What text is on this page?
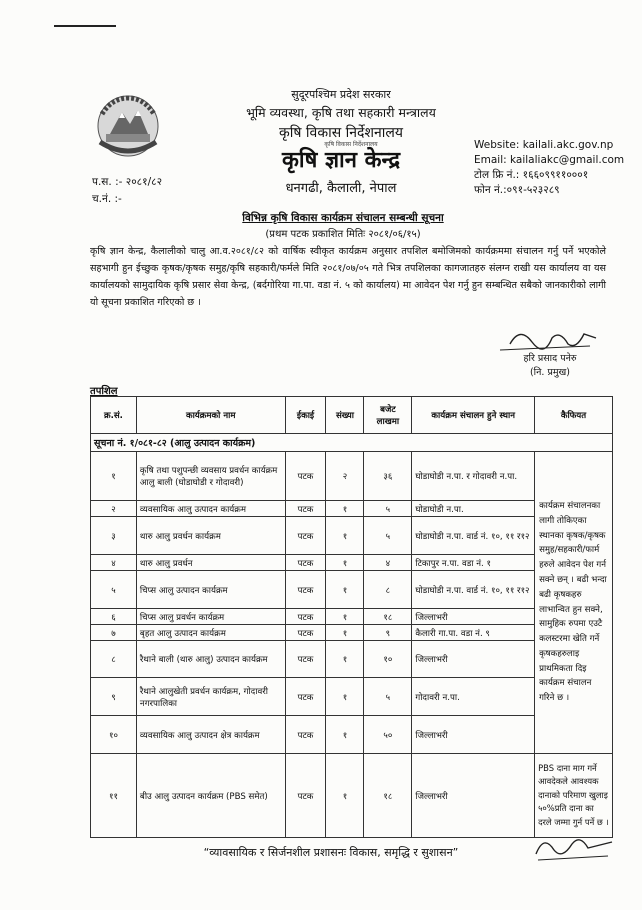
सुदूरपश्चिम प्रदेश सरकार
भूमि व्यवस्था, कृषि तथा सहकारी मन्त्रालय
कृषि विकास निर्देशनालय
कृषि विकास निर्देशनालय
कृषि ज्ञान केन्द्र
धनगढी, कैलाली, नेपाल
Website: kailali.akc.gov.np
Email: kailaliakc@gmail.com
टोल फ्रि नं.: १६६०९९११०००१
फोन नं.:०९१-५२३२८९
प.स. :- २०८१/८२
च.नं. :-
विभिन्न कृषि विकास कार्यक्रम संचालन सम्बन्धी सूचना
(प्रथम पटक प्रकाशित मितिः २०८१/०६/१५)
कृषि ज्ञान केन्द्र, कैलालीको चालु आ.व.२०८१/८२ को वार्षिक स्वीकृत कार्यक्रम अनुसार तपशिल बमोजिमको कार्यक्रममा संचालन गर्नु पर्ने भएकोले सहभागी हुन ईच्छुक कृषक/कृषक समुह/कृषि सहकारी/फर्मले मिति २०८१/०७/०५ गते भित्र तपशिलका कागजातहरु संलग्न राखी यस कार्यालय वा यस कार्यालयको सामुदायिक कृषि प्रसार सेवा केन्द्र, (बर्दगोरिया गा.पा. वडा नं. ५ को कार्यालय) मा आवेदन पेश गर्नु हुन सम्बन्धित सबैको जानकारीको लागी यो सूचना प्रकाशित गरिएको छ ।
हरि प्रसाद पनेरु
(नि. प्रमुख)
तपशिल
क्र.सं.	कार्यक्रमको नाम	ईकाई	संख्या	बजेट लाखमा	कार्यक्रम संचालन हुने स्थान	कैफियत
सूचना नं. १/०८१-८२ (आलु उत्पादन कार्यक्रम)						
१	कृषि तथा पशुपन्छी व्यवसाय प्रवर्धन कार्यक्रम आलु बाली (घोडाघोडी र गोदावरी)	पटक	२	३६	घोडाघोडी न.पा. र गोदावरी न.पा.	कार्यक्रम संचालनका लागी तोकिएका स्थानका कृषक/कृषक समुह/सहकारी/फार्म हरुले आवेदन पेश गर्न सक्ने छन् । बढी भन्दा बढी कृषकहरु लाभान्वित हुन सक्ने, सामुहिक रुपमा एउटै कलस्टरमा खेति गर्ने कृषकहरुलाइ प्राथमिकता दिइ कार्यक्रम संचालन गरिने छ ।
२	व्यवसायिक आलु उत्पादन कार्यक्रम	पटक	१	५	घोडाघोडी न.पा.	
३	थारु आलु प्रवर्धन कार्यक्रम	पटक	१	५	घोडाघोडी न.पा. वार्ड नं. १०, ११ र१२	
४	थारु आलु प्रवर्धन	पटक	१	४	टिकापुर न.पा. वडा नं. १	
५	चिप्स आलु उत्पादन कार्यक्रम	पटक	१	८	घोडाघोडी न.पा. वार्ड नं. १०, ११ र१२	
६	चिप्स आलु प्रवर्धन कार्यक्रम	पटक	१	१८	जिल्लाभरी	
७	बृहत आलु उत्पादन कार्यक्रम	पटक	१	९	कैलारी गा.पा. वडा नं. ९	
८	रैथाने बाली (थारु आलु) उत्पादन कार्यक्रम	पटक	१	१०	जिल्लाभरी	
९	रैथाने आलुखेती प्रवर्धन कार्यक्रम, गोदावरी नगरपालिका	पटक	१	५	गोदावरी न.पा.	
१०	व्यवसायिक आलु उत्पादन क्षेत्र कार्यक्रम	पटक	१	५०	जिल्लाभरी	
११	बीउ आलु उत्पादन कार्यक्रम (PBS समेत)	पटक	१	१८	जिल्लाभरी	PBS दाना माग गर्ने आवदेकले आवश्यक दानाको परिमाण खुलाइ ५०%प्रति दाना का दरले जम्मा गुर्न पर्ने छ ।
“व्यावसायिक र सिर्जनशील प्रशासनः विकास, समृद्धि र सुशासन”
